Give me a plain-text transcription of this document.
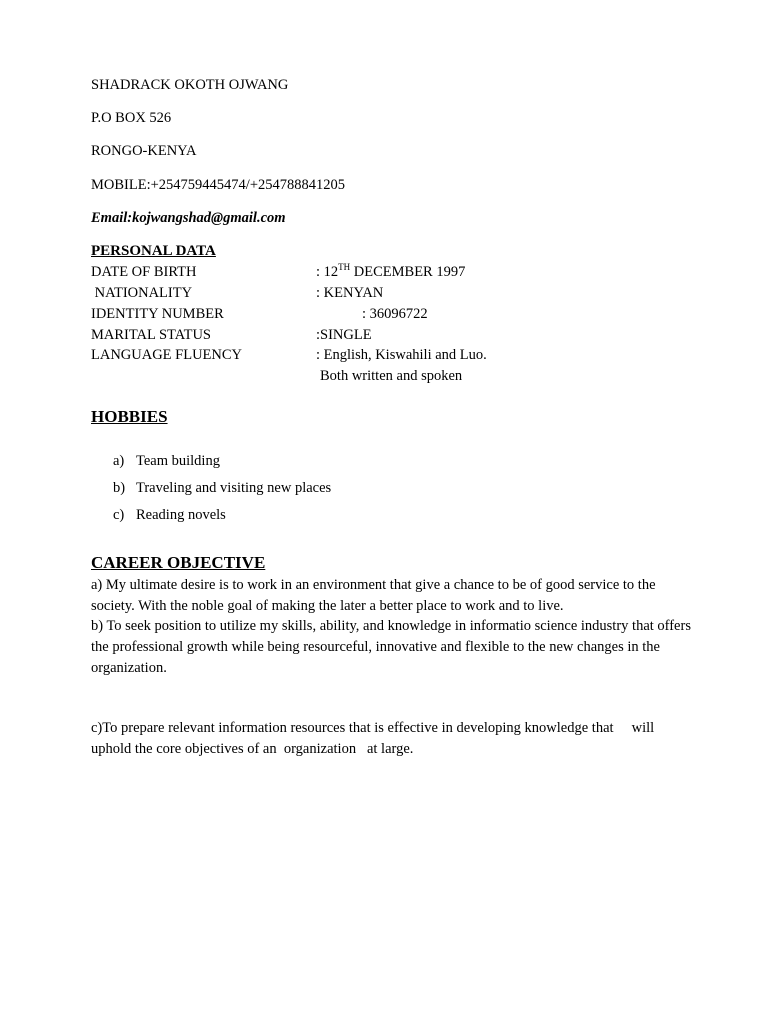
SHADRACK OKOTH OJWANG
P.O BOX 526
RONGO-KENYA
MOBILE:+254759445474/+254788841205
Email:kojwangshad@gmail.com
PERSONAL DATA
DATE OF BIRTH	: 12TH DECEMBER 1997
NATIONALITY	: KENYAN
IDENTITY NUMBER	: 36096722
MARITAL STATUS	:SINGLE
LANGUAGE FLUENCY	: English, Kiswahili and Luo.
Both written and spoken
HOBBIES
a) Team building
b) Traveling and visiting new places
c) Reading novels
CAREER OBJECTIVE
a) My ultimate desire is to work in an environment that give a chance to be of good service to the society. With the noble goal of making the later a better place to work and to live.
b) To seek position to utilize my skills, ability, and knowledge in informatio science industry that offers the professional growth while being resourceful, innovative and flexible to the new changes in the organization.
c)To prepare relevant information resources that is effective in developing knowledge that     will
uphold the core objectives of an  organization   at large.
